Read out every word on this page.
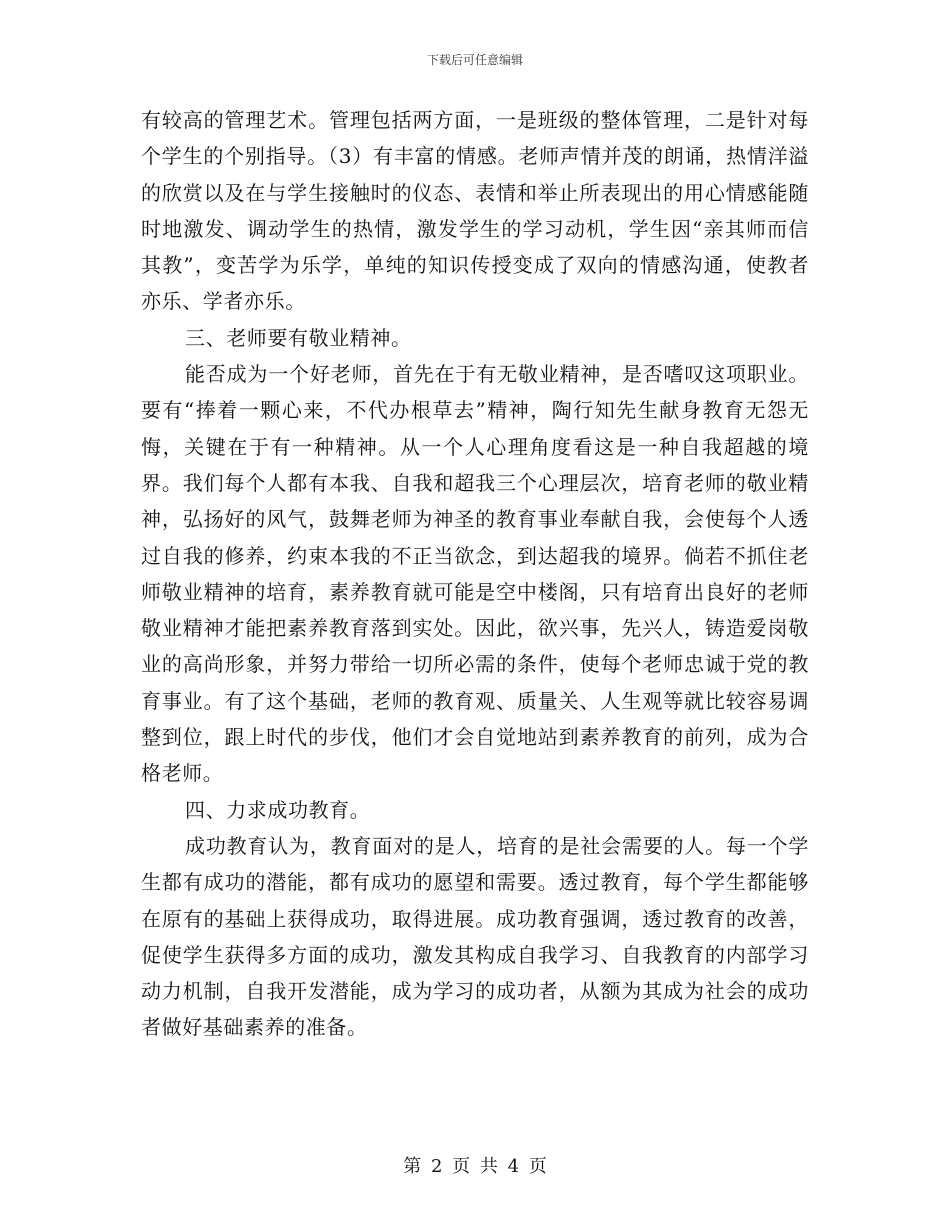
下载后可任意编辑

有较高的管理艺术。管理包括两方面，一是班级的整体管理，二是针对每个学生的个别指导。（3）有丰富的情感。老师声情并茂的朗诵，热情洋溢的欣赏以及在与学生接触时的仪态、表情和举止所表现出的用心情感能随时地激发、调动学生的热情，激发学生的学习动机，学生因“亲其师而信其教”，变苦学为乐学，单纯的知识传授变成了双向的情感沟通，使教者亦乐、学者亦乐。

三、老师要有敬业精神。

能否成为一个好老师，首先在于有无敬业精神，是否嗜叹这项职业。要有“捧着一颗心来，不代办根草去”精神，陶行知先生献身教育无怨无悔，关键在于有一种精神。从一个人心理角度看这是一种自我超越的境界。我们每个人都有本我、自我和超我三个心理层次，培育老师的敬业精神，弘扬好的风气，鼓舞老师为神圣的教育事业奉献自我，会使每个人透过自我的修养，约束本我的不正当欲念，到达超我的境界。倘若不抓住老师敬业精神的培育，素养教育就可能是空中楼阁，只有培育出良好的老师敬业精神才能把素养教育落到实处。因此，欲兴事，先兴人，铸造爱岗敬业的高尚形象，并努力带给一切所必需的条件，使每个老师忠诚于党的教育事业。有了这个基础，老师的教育观、质量关、人生观等就比较容易调整到位，跟上时代的步伐，他们才会自觉地站到素养教育的前列，成为合格老师。

四、力求成功教育。

成功教育认为，教育面对的是人，培育的是社会需要的人。每一个学生都有成功的潜能，都有成功的愿望和需要。透过教育，每个学生都能够在原有的基础上获得成功，取得进展。成功教育强调，透过教育的改善，促使学生获得多方面的成功，激发其构成自我学习、自我教育的内部学习动力机制，自我开发潜能，成为学习的成功者，从额为其成为社会的成功者做好基础素养的准备。

第 2 页 共 4 页
